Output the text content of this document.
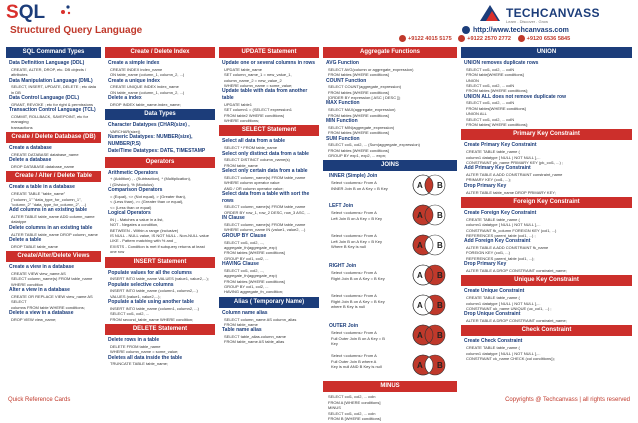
SQL
Structured Query Language
TECHCANVASS
Learn . Discover . Grow
http://www.techcanvass.com
+9122 4015 5175	+9122 2570 2772	+9120 6536 5845
SQL Command Types
Data Definition Language (DDL)
CREATE, ALTER, DROP, etc. DB objects / attributes
Data Manipulation Language (DML)
SELECT, INSERT, UPDATE, DELETE ; etc data in DB
Data Control Language (DCL)
GRANT, REVOKE ; etc for right & permissions
Transaction Control Language (TCL)
COMMIT, ROLLBACK, SAVEPOINT, etc for managing
transactions
Create / Delete Database (DB)
Create a database
CREATE DATABASE database_name
Delete a database
DROP DATABASE database_name
Create / Alter / Delete Table
Create a table in a database
CREATE TABLE "table_name"
("column_1" "data_type_for_column_1",
"column_2" "data_type_for_column_2", ...)
Add columns in an existing table
ALTER TABLE table_name ADD column_name
datatype
Delete columns in an existing table
ALTER TABLE table_name DROP column_name
Delete a table
DROP TABLE table_name
Create/Alter/Delete Views
Create a view in a database
CREATE VIEW view_name AS
SELECT column_name(s) FROM table_name
WHERE condition
Alter a view in a database
CREATE OR REPLACE VIEW view_name AS SELECT
columns FROM table WHERE conditions;
Delete a view in a database
DROP VIEW view_name;
Create / Delete Index
Create a simple index
CREATE INDEX index_name
ON table_name (column_1, column_2, ...)
Create a unique index
CREATE UNIQUE INDEX index_name
ON table_name (column_1, column_2, ...)
Delete a index
DROP INDEX table_name.index_name;
Data Types
Character Datatypes (CHAR(size) ,
VARCHAR(size))
Numeric Datatypes: NUMBER(size), NUMBER(P,S)
Date/Time Datatypes: DATE, TIMESTAMP
Operators
Arithmetic Operators
+ (Addition) , - (Subtraction), * (Multiplication),
/ (Division), % (Modulus)
Comparison Operators
= (Equal), <> (Not equal), > (Greater than),
< (Less than), >= (Greater than or equal),
<= (Less than or equal)
Logical Operators
IN | - Matches a value in a list,
NOT - Negates a condition,
BETWEEN - Within a range (inclusive)
IS NULL - NULL value, IS NOT NULL - Non-NULL value
LIKE - Pattern matching with % and _
EXISTS - Condition is met if subquery returns at least
one row
INSERT Statement
Populate values for all the columns
INSERT INTO table_name VALUES (value1, value2,...);
Populate selective columns
INSERT INTO table_name (column1, column2,...)
VALUES (value1, value2,...);
Populate a table using another table
INSERT INTO table_name (column1, column2, ...)
SELECT col1, col2, ...
FROM second_table_name WHERE condition;
DELETE Statement
Delete rows in a table
DELETE FROM table_name
WHERE column_name = some_value;
Deletes all data inside the table
TRUNCATE TABLE table_name;
UPDATE Statement
Update one or several columns in rows
UPDATE table_name
SET column_name_1 = new_value_1,
column_name_2 = new_value_2
WHERE column_name = some_value;
Update table with data from another table
UPDATE table1
SET column1 = (SELECT expression1
FROM table2 WHERE conditions)
WHERE conditions;
SELECT Statement
Select all data from a table
SELECT * FROM table_name
Select only distinct data from a table
SELECT DISTINCT column_name(s)
FROM table_name
Select only certain data from a table
SELECT column_name(s) FROM table_name
WHERE column operator value
AND / OR column operator value;
Select data from a table with sort the rows
SELECT column_name(s) FROM table_name
ORDER BY row_1, row_2 DESC, row_3 ASC, ...
IN Clause
SELECT column_name(s) FROM table_name
WHERE column_name IN (value1, value2, ...)
GROUP BY Clause
SELECT col1, col2, ..., aggregate_fn(aggregate_exp)
FROM tables [WHERE conditions]
GROUP BY col1, col2, ...
HAVING Clause
SELECT col1, col2, ..., aggregate_fn(aggregate_exp)
FROM tables [WHERE conditions]
GROUP BY col1, col2, ...
HAVING aggregate_fn_condition;
Alias ( Temporary Name)
Column name alias
SELECT column_name AS column_alias
FROM table_name
Table name alias
SELECT table_alias.column_name
FROM table_name AS table_alias
Aggregate Functions
AVG Function
SELECT AVG(column or aggregate_expression)
FROM tables [WHERE conditions]
COUNT Function
SELECT COUNT(aggregate_expression)
FROM tables [WHERE conditions]
[ORDER BY expression [ ASC | DESC ]];
MAX Function
SELECT MAX(aggregate_expression)
FROM tables [WHERE conditions]
MIN Function
SELECT MIN(aggregate_expression)
FROM tables [WHERE conditions]
SUM Function
SELECT col1, col2, ... (Sum(aggregate_expression)
FROM tables [WHERE conditions]
GROUP BY exp1, exp2, ... expn;
JOINS
INNER (Simple) Join
Select <columns> From A
INNER Join B on A Key = B Key	A B
LEFT Join
Select <columns> From A
Left Join B on A Key = B Key	A B
Select <columns> From A
Left Join B on A Key = B Key
Where B Key is null	A B
RIGHT Join
Select <columns> From A
Right Join B on A Key = B Key	A B
Select <columns> From A
Right Join B on A Key = B Key
where B Key is null	A B
OUTER Join
Select <columns> From A
Full Outer Join B on A Key = B
Key
A B
Select <columns> From A
Full Outer Join B where A
Key is null AND B Key is null	A B
MINUS
SELECT col1, col2, ... coln
FROM A [WHERE conditions]
MINUS
SELECT col1, col2, ... coln
FROM B [WHERE conditions]
UNION
UNION removes duplicate rows
SELECT col1, col2, ... colN
FROM table[WHERE conditions]
UNION
SELECT col1, col2, ... colN
FROM tables [WHERE conditions];
UNION ALL does not remove duplicate row
SELECT col1, col2, ... colN
FROM tables[WHERE conditions]
UNION ALL
SELECT col1, col2, ... colN
FROM tables[ WHERE conditions];
Primary Key Constraint
Create Primary Key Constraint
CREATE TABLE table_name (
column1 datatype [ NULL | NOT NULL ],...
CONSTRAINT pk_name PRIMARY KEY (pk_col1, ...) ;
Add Primary Key Constraint
ALTER TABLE A ADD CONSTRAINT constraint_name
PRIMARY KEY (col1, ...);
Drop Primary Key
ALTER TABLE table_name DROP PRIMARY KEY;
Foreign Key Constraint
Create Foreign Key Constraint
CREATE TABLE table_name (
column1 datatype [ NULL | NOT NULL ],...
CONSTRAINT fk_column FOREIGN KEY (col1, ...)
REFERENCES parent_table (col1, ...) ;
Add Foreign Key Constraint
ALTER TABLE A ADD CONSTRAINT fk_name
FOREIGN KEY (col1, ...)
REFERENCES parent_table (col1, ...);
Drop Primary Key
ALTER TABLE A DROP CONSTRAINT constraint_name;
Unique Key Constraint
Create Unique Constraint
CREATE TABLE table_name (
column1 datatype [ NULL | NOT NULL ],...
CONSTRAINT uk_name UNIQUE (uc_col1, ...) ;
Drop Unique Constraint
ALTER TABLE A DROP CONSTRAINT constraint_name;
Check Constraint
Create Check Constraint
CREATE TABLE table_name (
column1 datatype [ NULL | NOT NULL ],...
CONSTRAINT ck_name CHECK (col conditions));
Quick Reference Cards	Copyrights @ Techcanvass | all rights reserved
